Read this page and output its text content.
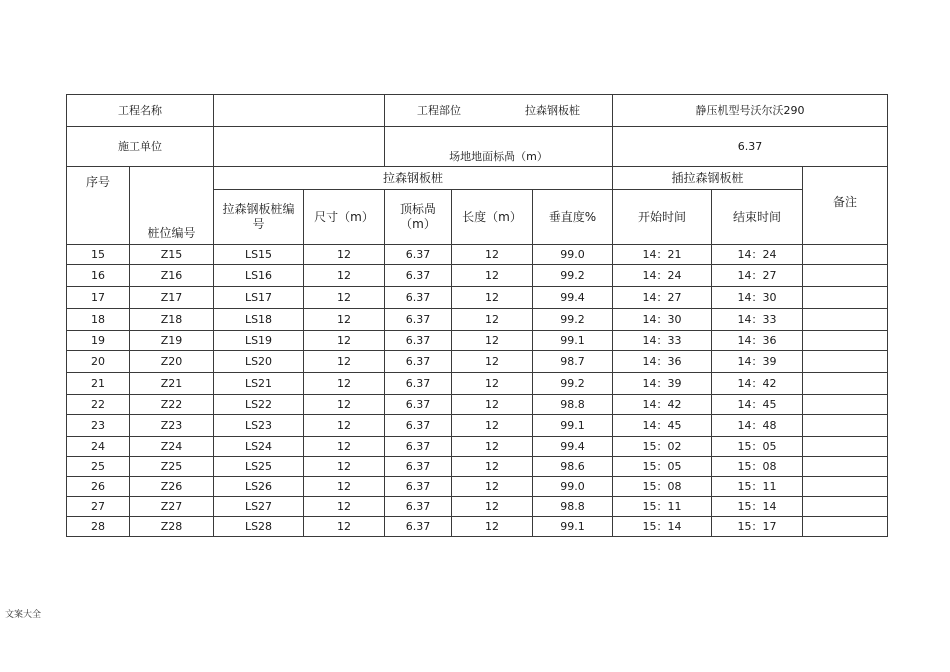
工程名称				工程部位 拉森钢板桩			静压机型号沃尔沃290		
施工单位				场地地面标咼（m）			6.37		
序号	桩位编号	拉森钢板桩					插拉森钢板桩		备注
		拉森钢板桩编号	尺寸（m）	顶标咼（m）	长度（m）	垂直度%	开始时间	结束时间	
15	Z15	LS15	12	6.37	12	99.0	14：21	14：24	
16	Z16	LS16	12	6.37	12	99.2	14：24	14：27	
17	Z17	LS17	12	6.37	12	99.4	14：27	14：30	
18	Z18	LS18	12	6.37	12	99.2	14：30	14：33	
19	Z19	LS19	12	6.37	12	99.1	14：33	14：36	
20	Z20	LS20	12	6.37	12	98.7	14：36	14：39	
21	Z21	LS21	12	6.37	12	99.2	14：39	14：42	
22	Z22	LS22	12	6.37	12	98.8	14：42	14：45	
23	Z23	LS23	12	6.37	12	99.1	14：45	14：48	
24	Z24	LS24	12	6.37	12	99.4	15：02	15：05	
25	Z25	LS25	12	6.37	12	98.6	15：05	15：08	
26	Z26	LS26	12	6.37	12	99.0	15：08	15：11	
27	Z27	LS27	12	6.37	12	98.8	15：11	15：14	
28	Z28	LS28	12	6.37	12	99.1	15：14	15：17	
文案大全
